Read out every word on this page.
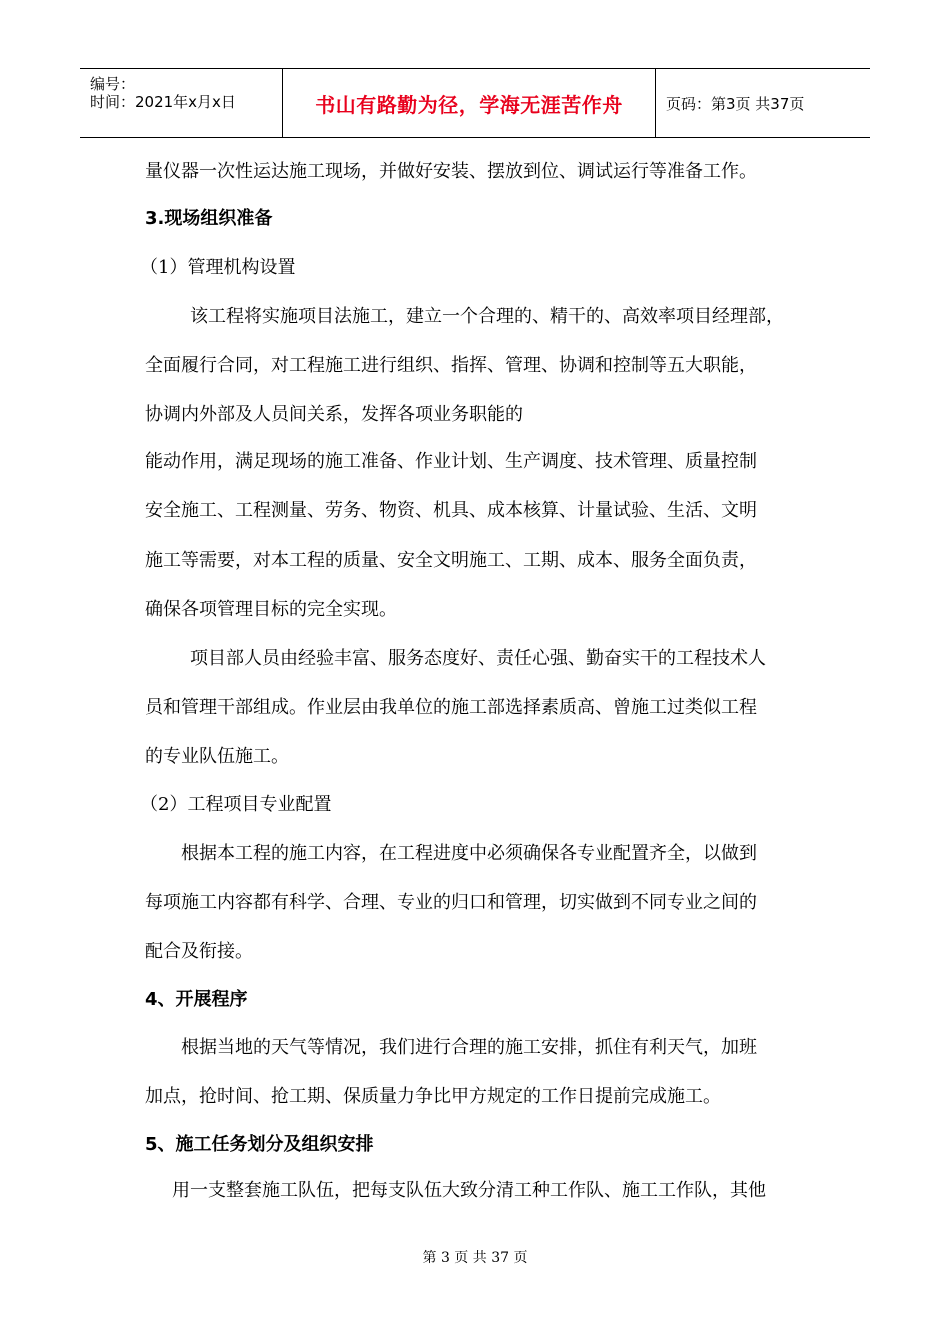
编号：
时间：2021年x月x日	书山有路勤为径，学海无涯苦作舟	页码：第3页 共37页
量仪器一次性运达施工现场，并做好安装、摆放到位、调试运行等准备工作。
3.现场组织准备
（1）管理机构设置
该工程将实施项目法施工，建立一个合理的、精干的、高效率项目经理部，
全面履行合同，对工程施工进行组织、指挥、管理、协调和控制等五大职能，
协调内外部及人员间关系，发挥各项业务职能的
能动作用，满足现场的施工准备、作业计划、生产调度、技术管理、质量控制
安全施工、工程测量、劳务、物资、机具、成本核算、计量试验、生活、文明
施工等需要，对本工程的质量、安全文明施工、工期、成本、服务全面负责，
确保各项管理目标的完全实现。
项目部人员由经验丰富、服务态度好、责任心强、勤奋实干的工程技术人
员和管理干部组成。作业层由我单位的施工部选择素质高、曾施工过类似工程
的专业队伍施工。
（2）工程项目专业配置
根据本工程的施工内容，在工程进度中必须确保各专业配置齐全，以做到
每项施工内容都有科学、合理、专业的归口和管理，切实做到不同专业之间的
配合及衔接。
4、开展程序
根据当地的天气等情况，我们进行合理的施工安排，抓住有利天气，加班
加点，抢时间、抢工期、保质量力争比甲方规定的工作日提前完成施工。
5、施工任务划分及组织安排
用一支整套施工队伍，把每支队伍大致分清工种工作队、施工工作队，其他
第 3 页 共 37 页
